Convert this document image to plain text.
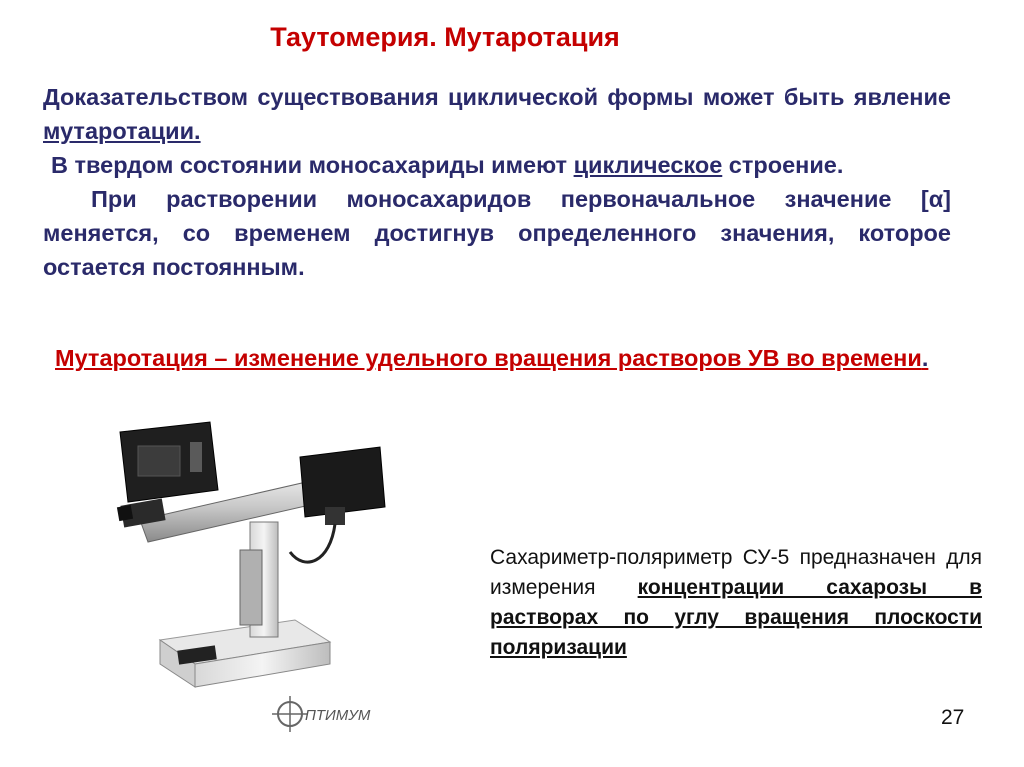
Таутомерия. Мутаротация

Доказательством существования циклической формы может быть явление мутаротации.

В твердом состоянии моносахариды имеют циклическое строение.

При растворении моносахаридов первоначальное значение [α] меняется, со временем достигнув определенного значения, которое остается постоянным.

Мутаротация – изменение удельного вращения растворов УВ во времени.
ПТИМУМ
Сахариметр-поляриметр СУ-5 предназначен для измерения концентрации сахарозы в растворах по углу вращения плоскости поляризации
27
